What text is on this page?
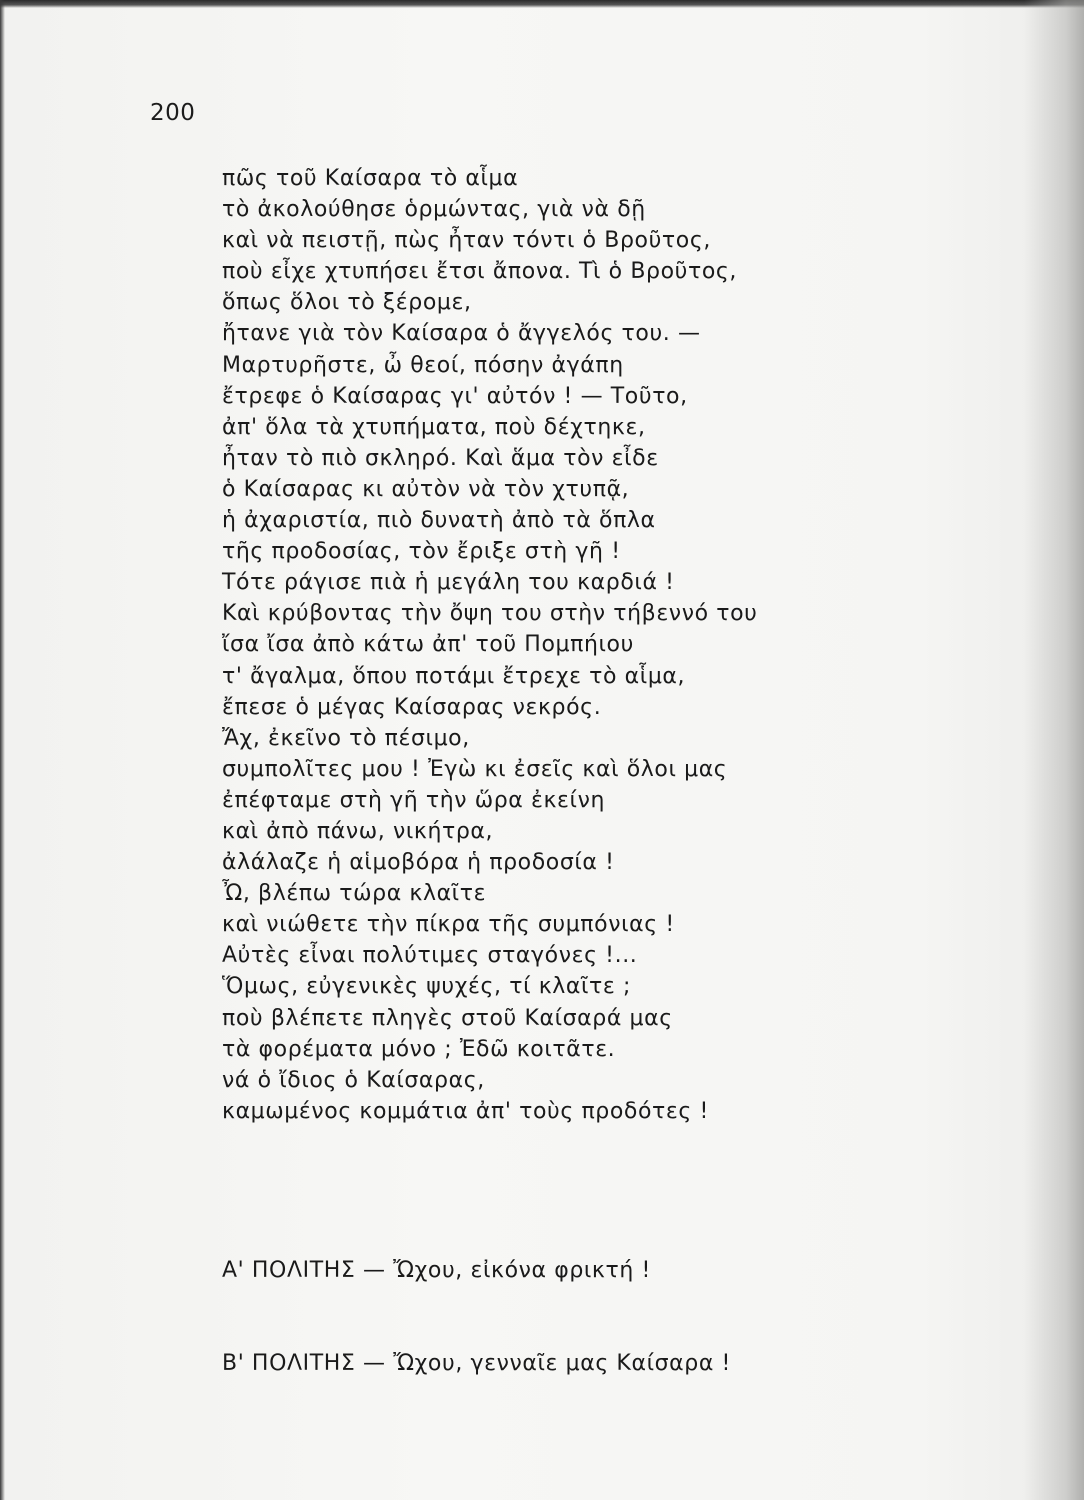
200
πῶς τοῦ Καίσαρα τὸ αἷμα
τὸ ἀκολούθησε ὁρμώντας, γιὰ νὰ δῇ
καὶ νὰ πειστῇ, πὼς ἦταν τόντι ὁ Βροῦτος,
ποὺ εἶχε χτυπήσει ἔτσι ἄπονα. Τὶ ὁ Βροῦτος,
ὅπως ὅλοι τὸ ξέρομε,
ἤτανε γιὰ τὸν Καίσαρα ὁ ἄγγελός του. —
Μαρτυρῆστε, ὦ θεοί, πόσην ἀγάπη
ἔτρεφε ὁ Καίσαρας γι' αὐτόν ! — Τοῦτο,
ἀπ' ὅλα τὰ χτυπήματα, ποὺ δέχτηκε,
ἦταν τὸ πιὸ σκληρό. Καὶ ἅμα τὸν εἶδε
ὁ Καίσαρας κι αὐτὸν νὰ τὸν χτυπᾷ,
ἡ ἀχαριστία, πιὸ δυνατὴ ἀπὸ τὰ ὅπλα
τῆς προδοσίας, τὸν ἔριξε στὴ γῆ !
Τότε ράγισε πιὰ ἡ μεγάλη του καρδιά !
Καὶ κρύβοντας τὴν ὄψη του στὴν τήβεννό του
ἴσα ἴσα ἀπὸ κάτω ἀπ' τοῦ Πομπήιου
τ' ἄγαλμα, ὅπου ποτάμι ἔτρεχε τὸ αἷμα,
ἔπεσε ὁ μέγας Καίσαρας νεκρός.
Ἄχ, ἐκεῖνο τὸ πέσιμο,
συμπολῖτες μου ! Ἐγὼ κι ἐσεῖς καὶ ὅλοι μας
ἐπέφταμε στὴ γῆ τὴν ὥρα ἐκείνη
καὶ ἀπὸ πάνω, νικήτρα,
ἀλάλαζε ἡ αἱμοβόρα ἡ προδοσία !
Ὦ, βλέπω τώρα κλαῖτε
καὶ νιώθετε τὴν πίκρα τῆς συμπόνιας !
Αὐτὲς εἶναι πολύτιμες σταγόνες !...
Ὅμως, εὐγενικὲς ψυχές, τί κλαῖτε ;
ποὺ βλέπετε πληγὲς στοῦ Καίσαρά μας
τὰ φορέματα μόνο ; Ἐδῶ κοιτᾶτε.
νά ὁ ἴδιος ὁ Καίσαρας,
καμωμένος κομμάτια ἀπ' τοὺς προδότες !
Α' ΠΟΛΙΤΗΣ — Ὤχου, εἰκόνα φρικτή !
Β' ΠΟΛΙΤΗΣ — Ὤχου, γενναῖε μας Καίσαρα !
